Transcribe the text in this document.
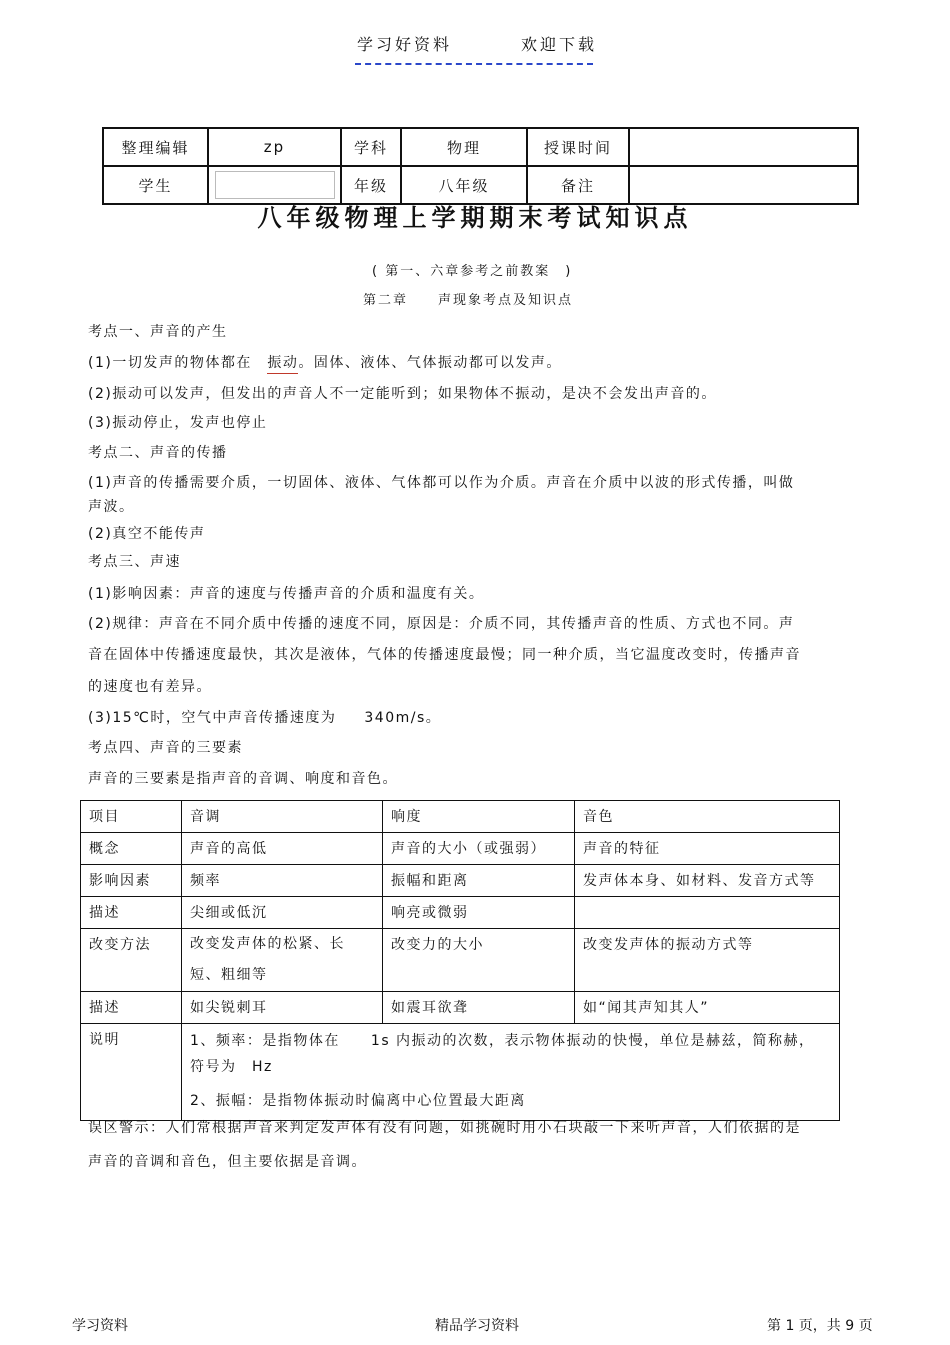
学习好资料	欢迎下载
整理编辑	zp	学科	物理	授课时间	
学生		年级	八年级	备注	
八年级物理上学期期末考试知识点
( 第一、六章参考之前教案　)
第二章　　声现象考点及知识点
考点一、声音的产生
(1)一切发声的物体都在　振动。固体、液体、气体振动都可以发声。
(2)振动可以发声，但发出的声音人不一定能听到；如果物体不振动，是决不会发出声音的。
(3)振动停止，发声也停止
考点二、声音的传播
(1)声音的传播需要介质，一切固体、液体、气体都可以作为介质。声音在介质中以波的形式传播，叫做
声波。
(2)真空不能传声
考点三、声速
(1)影响因素：声音的速度与传播声音的介质和温度有关。
(2)规律：声音在不同介质中传播的速度不同，原因是：介质不同，其传播声音的性质、方式也不同。声
音在固体中传播速度最快，其次是液体，气体的传播速度最慢；同一种介质，当它温度改变时，传播声音
的速度也有差异。
(3)15℃时，空气中声音传播速度为 340m/s。
考点四、声音的三要素
声音的三要素是指声音的音调、响度和音色。
项目	音调	响度	音色
概念	声音的高低	声音的大小（或强弱）	声音的特征
影响因素	频率	振幅和距离	发声体本身、如材料、发音方式等
描述	尖细或低沉	响亮或微弱	
改变方法	改变发声体的松紧、长短、粗细等	改变力的大小	改变发声体的振动方式等
描述	如尖锐刺耳	如震耳欲聋	如“闻其声知其人”
说明	1、频率：是指物体在　　1s 内振动的次数，表示物体振动的快慢，单位是赫兹，简称赫，
符号为　Hz
2、振幅：是指物体振动时偏离中心位置最大距离		
误区警示：人们常根据声音来判定发声体有没有问题，如挑碗时用小石块敲一下来听声音，人们依据的是
声音的音调和音色，但主要依据是音调。
学习资料	精品学习资料	第 1 页，共 9 页
